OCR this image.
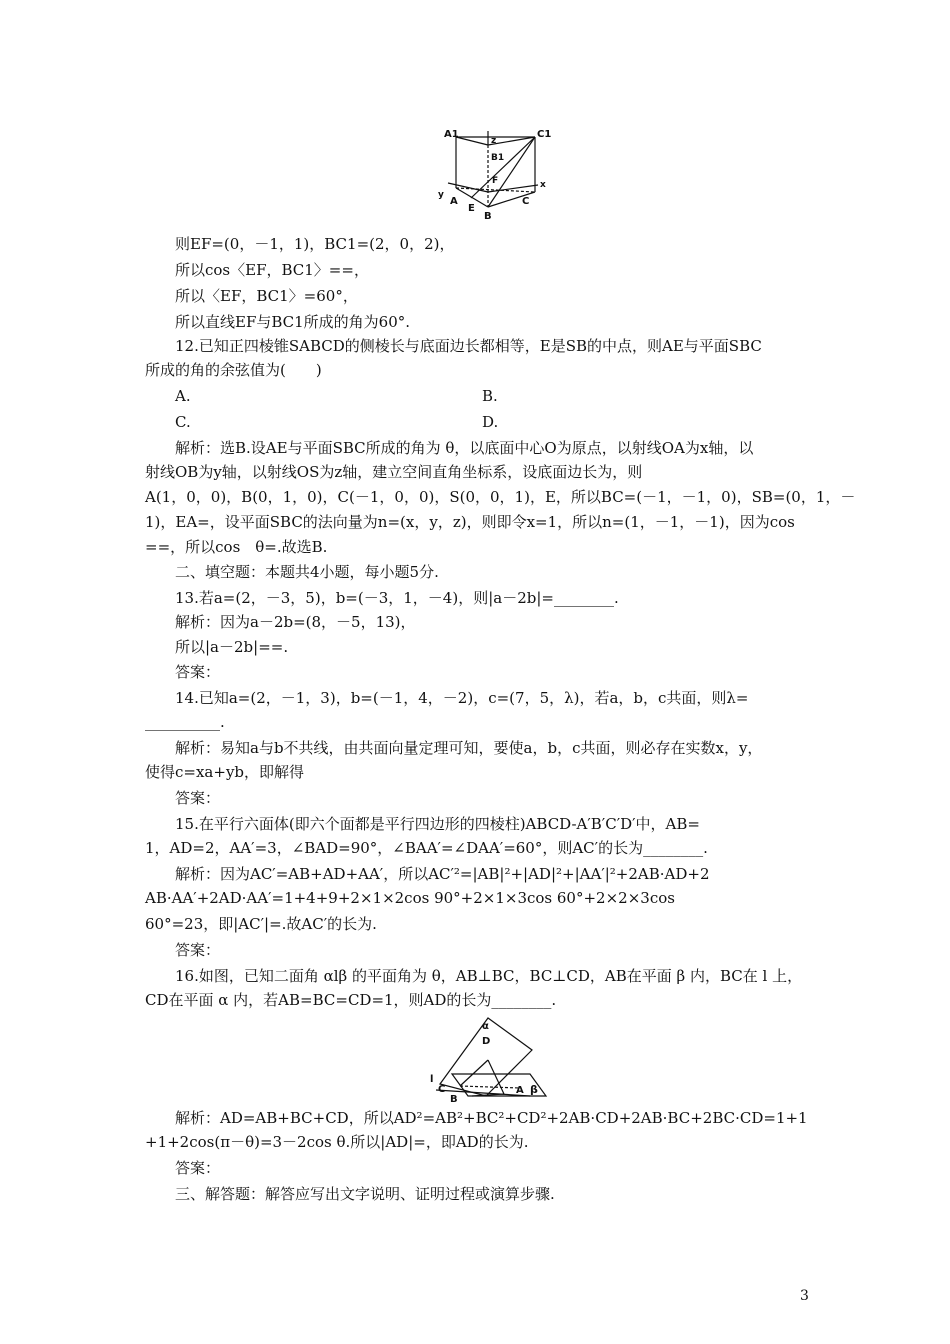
A1	C1
z
B1
F
y
A
E
B
C
x
则EF=(0，－1，1)，BC1=(2，0，2)，
所以cos〈EF，BC1〉==，
所以〈EF，BC1〉=60°，
所以直线EF与BC1所成的角为60°.
12.已知正四棱锥SABCD的侧棱长与底面边长都相等，E是SB的中点，则AE与平面SBC
所成的角的余弦值为(　　)
A.	B.
C.	D.
解析：选B.设AE与平面SBC所成的角为 θ，以底面中心O为原点，以射线OA为x轴，以
射线OB为y轴，以射线OS为z轴，建立空间直角坐标系，设底面边长为，则
A(1，0，0)，B(0，1，0)，C(－1，0，0)，S(0，0，1)，E，所以BC=(－1，－1，0)，SB=(0，1，－
1)，EA=，设平面SBC的法向量为n=(x，y，z)，则即令x=1，所以n=(1，－1，－1)，因为cos
==，所以cos　θ=.故选B.
二、填空题：本题共4小题，每小题5分.
13.若a=(2，－3，5)，b=(－3，1，－4)，则|a－2b|=________.
解析：因为a－2b=(8，－5，13)，
所以|a－2b|==.
答案：
14.已知a=(2，－1，3)，b=(－1，4，－2)，c=(7，5，λ)，若a，b，c共面，则λ=
__________.
解析：易知a与b不共线，由共面向量定理可知，要使a，b，c共面，则必存在实数x，y，
使得c=xa+yb，即解得
答案：
15.在平行六面体(即六个面都是平行四边形的四棱柱)ABCD-A′B′C′D′中，AB=
1，AD=2，AA′=3，∠BAD=90°，∠BAA′=∠DAA′=60°，则AC′的长为________.
解析：因为AC′=AB+AD+AA′，所以AC′²=|AB|²+|AD|²+|AA′|²+2AB·AD+2
AB·AA′+2AD·AA′=1+4+9+2×1×2cos 90°+2×1×3cos 60°+2×2×3cos
60°=23，即|AC′|=.故AC′的长为.
答案：
16.如图，已知二面角 αlβ 的平面角为 θ，AB⊥BC，BC⊥CD，AB在平面 β 内，BC在 l 上，
CD在平面 α 内，若AB=BC=CD=1，则AD的长为________.
α
D
l
C
B
A β
解析：AD=AB+BC+CD，所以AD²=AB²+BC²+CD²+2AB·CD+2AB·BC+2BC·CD=1+1
+1+2cos(π－θ)=3－2cos θ.所以|AD|=，即AD的长为.
答案：
三、解答题：解答应写出文字说明、证明过程或演算步骤.
3
